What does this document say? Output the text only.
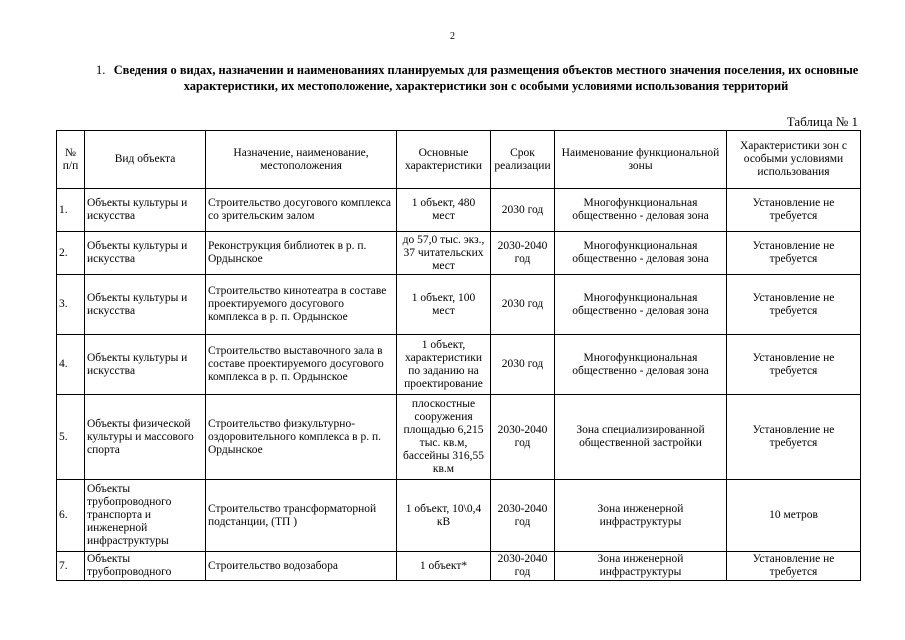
2
1. Сведения о видах, назначении и наименованиях планируемых для размещения объектов местного значения поселения, их основные характеристики, их местоположение, характеристики зон с особыми условиями использования территорий
Таблица № 1
№ п/п	Вид объекта	Назначение, наименование, местоположения	Основные характеристики	Срок реализации	Наименование функциональной зоны	Характеристики зон с особыми условиями использования
1.	Объекты культуры и искусства	Строительство досугового комплекса со зрительским залом	1 объект, 480 мест	2030 год	Многофункциональная общественно - деловая зона	Установление не требуется
2.	Объекты культуры и искусства	Реконструкция библиотек в р. п. Ордынское	до 57,0 тыс. экз., 37 читательских мест	2030-2040 год	Многофункциональная общественно - деловая зона	Установление не требуется
3.	Объекты культуры и искусства	Строительство кинотеатра в составе проектируемого досугового комплекса в р. п. Ордынское	1 объект, 100 мест	2030 год	Многофункциональная общественно - деловая зона	Установление не требуется
4.	Объекты культуры и искусства	Строительство выставочного зала в составе проектируемого досугового комплекса в р. п. Ордынское	1 объект, характеристики по заданию на проектирование	2030 год	Многофункциональная общественно - деловая зона	Установление не требуется
5.	Объекты физической культуры и массового спорта	Строительство физкультурно-оздоровительного комплекса в р. п. Ордынское	плоскостные сооружения площадью 6,215 тыс. кв.м, бассейны 316,55 кв.м	2030-2040 год	Зона специализированной общественной застройки	Установление не требуется
6.	Объекты трубопроводного транспорта и инженерной инфраструктуры	Строительство трансформаторной подстанции, (ТП )	1 объект, 10\0,4 кВ	2030-2040 год	Зона инженерной инфраструктуры	10 метров
7.	Объекты трубопроводного	Строительство водозабора	1 объект*	2030-2040 год	Зона инженерной инфраструктуры	Установление не требуется
